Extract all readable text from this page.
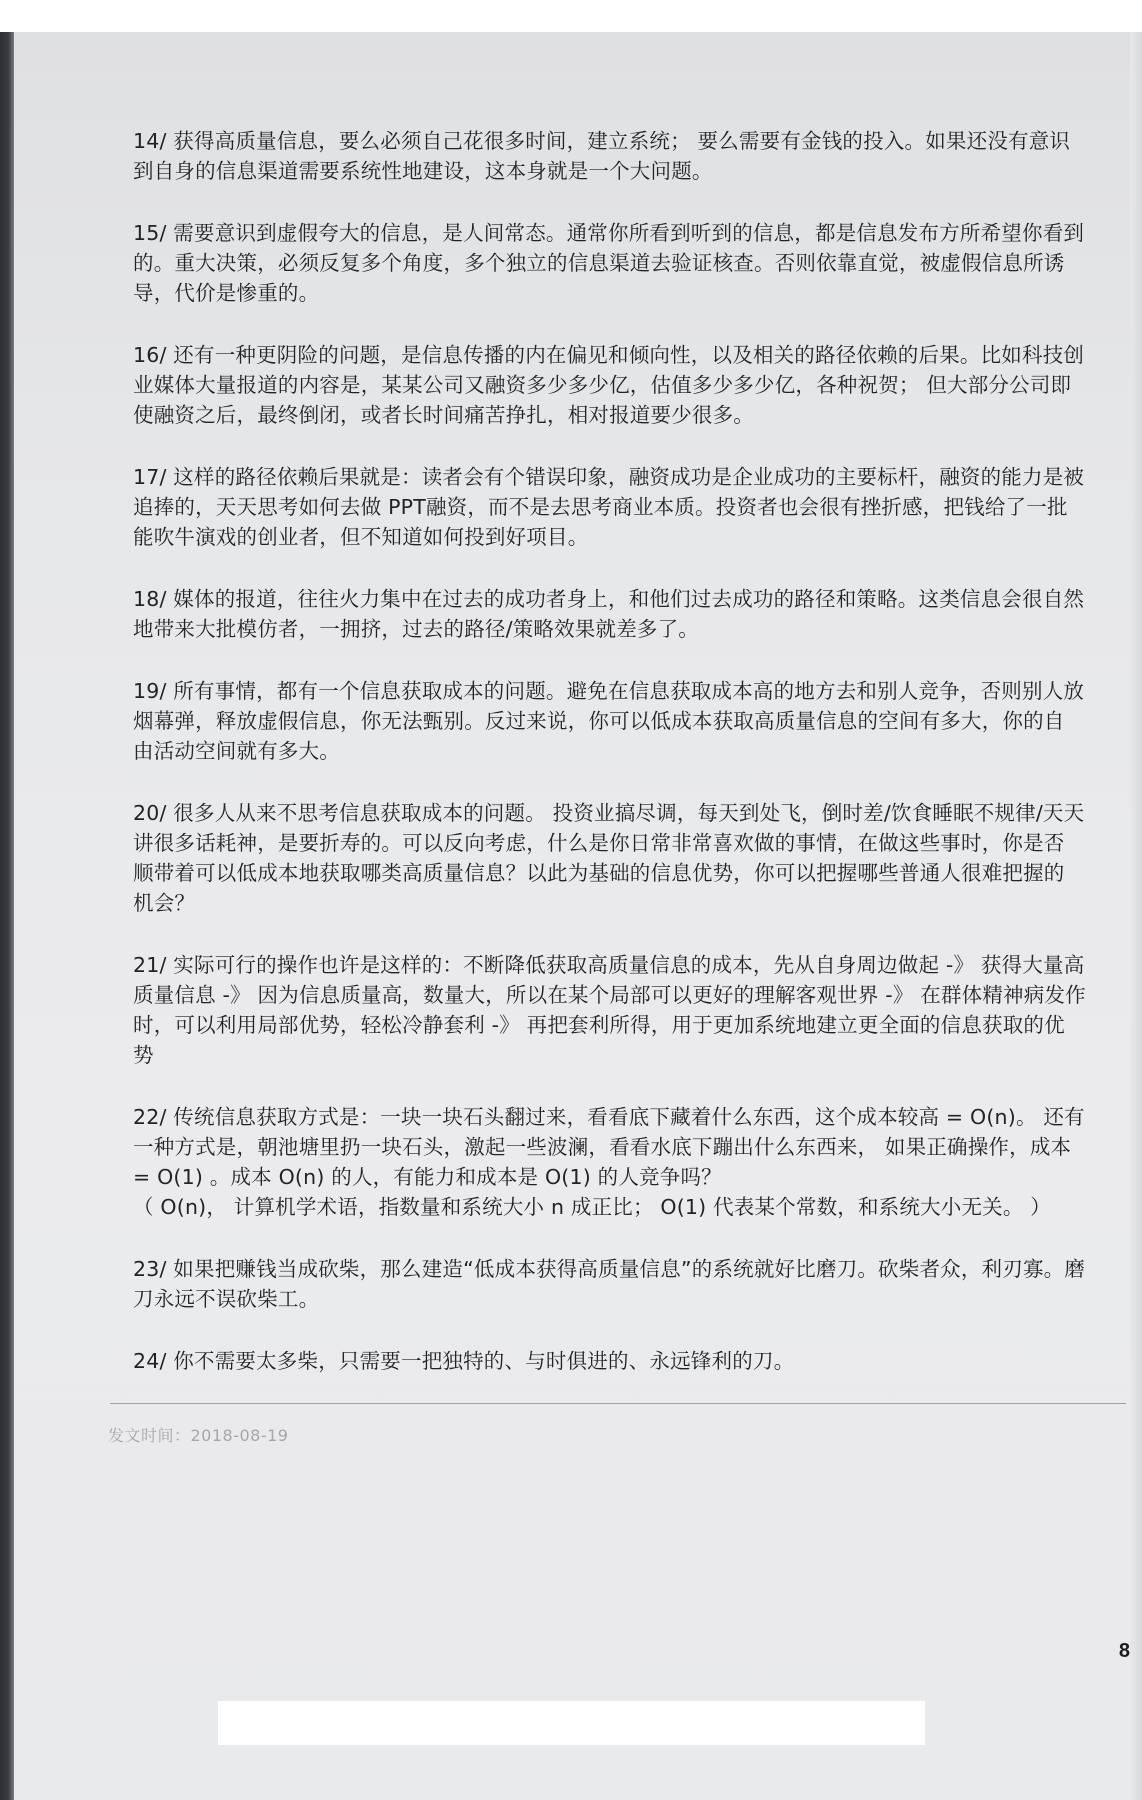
14/ 获得高质量信息，要么必须自己花很多时间，建立系统； 要么需要有金钱的投入。如果还没有意识
到自身的信息渠道需要系统性地建设，这本身就是一个大问题。
15/ 需要意识到虚假夸大的信息，是人间常态。通常你所看到听到的信息，都是信息发布方所希望你看到
的。重大决策，必须反复多个角度，多个独立的信息渠道去验证核查。否则依靠直觉，被虚假信息所诱
导，代价是惨重的。
16/ 还有一种更阴险的问题，是信息传播的内在偏见和倾向性，以及相关的路径依赖的后果。比如科技创
业媒体大量报道的内容是，某某公司又融资多少多少亿，估值多少多少亿，各种祝贺； 但大部分公司即
使融资之后，最终倒闭，或者长时间痛苦挣扎，相对报道要少很多。
17/ 这样的路径依赖后果就是：读者会有个错误印象，融资成功是企业成功的主要标杆，融资的能力是被
追捧的，天天思考如何去做 PPT融资，而不是去思考商业本质。投资者也会很有挫折感，把钱给了一批
能吹牛演戏的创业者，但不知道如何投到好项目。
18/ 媒体的报道，往往火力集中在过去的成功者身上，和他们过去成功的路径和策略。这类信息会很自然
地带来大批模仿者，一拥挤，过去的路径/策略效果就差多了。
19/ 所有事情，都有一个信息获取成本的问题。避免在信息获取成本高的地方去和别人竞争，否则别人放
烟幕弹，释放虚假信息，你无法甄别。反过来说，你可以低成本获取高质量信息的空间有多大，你的自
由活动空间就有多大。
20/ 很多人从来不思考信息获取成本的问题。 投资业搞尽调，每天到处飞，倒时差/饮食睡眠不规律/天天
讲很多话耗神，是要折寿的。可以反向考虑，什么是你日常非常喜欢做的事情，在做这些事时，你是否
顺带着可以低成本地获取哪类高质量信息？以此为基础的信息优势，你可以把握哪些普通人很难把握的
机会？
21/ 实际可行的操作也许是这样的：不断降低获取高质量信息的成本，先从自身周边做起 -》 获得大量高
质量信息 -》 因为信息质量高，数量大，所以在某个局部可以更好的理解客观世界 -》 在群体精神病发作
时，可以利用局部优势，轻松冷静套利 -》 再把套利所得，用于更加系统地建立更全面的信息获取的优
势
22/ 传统信息获取方式是：一块一块石头翻过来，看看底下藏着什么东西，这个成本较高 = O(n)。 还有
一种方式是，朝池塘里扔一块石头，激起一些波澜，看看水底下蹦出什么东西来， 如果正确操作，成本
= O(1) 。成本 O(n) 的人，有能力和成本是 O(1) 的人竞争吗？
（ O(n)， 计算机学术语，指数量和系统大小 n 成正比； O(1) 代表某个常数，和系统大小无关。 ）
23/ 如果把赚钱当成砍柴，那么建造“低成本获得高质量信息”的系统就好比磨刀。砍柴者众，利刃寡。磨
刀永远不误砍柴工。
24/ 你不需要太多柴，只需要一把独特的、与时俱进的、永远锋利的刀。
发文时间：2018-08-19
8
